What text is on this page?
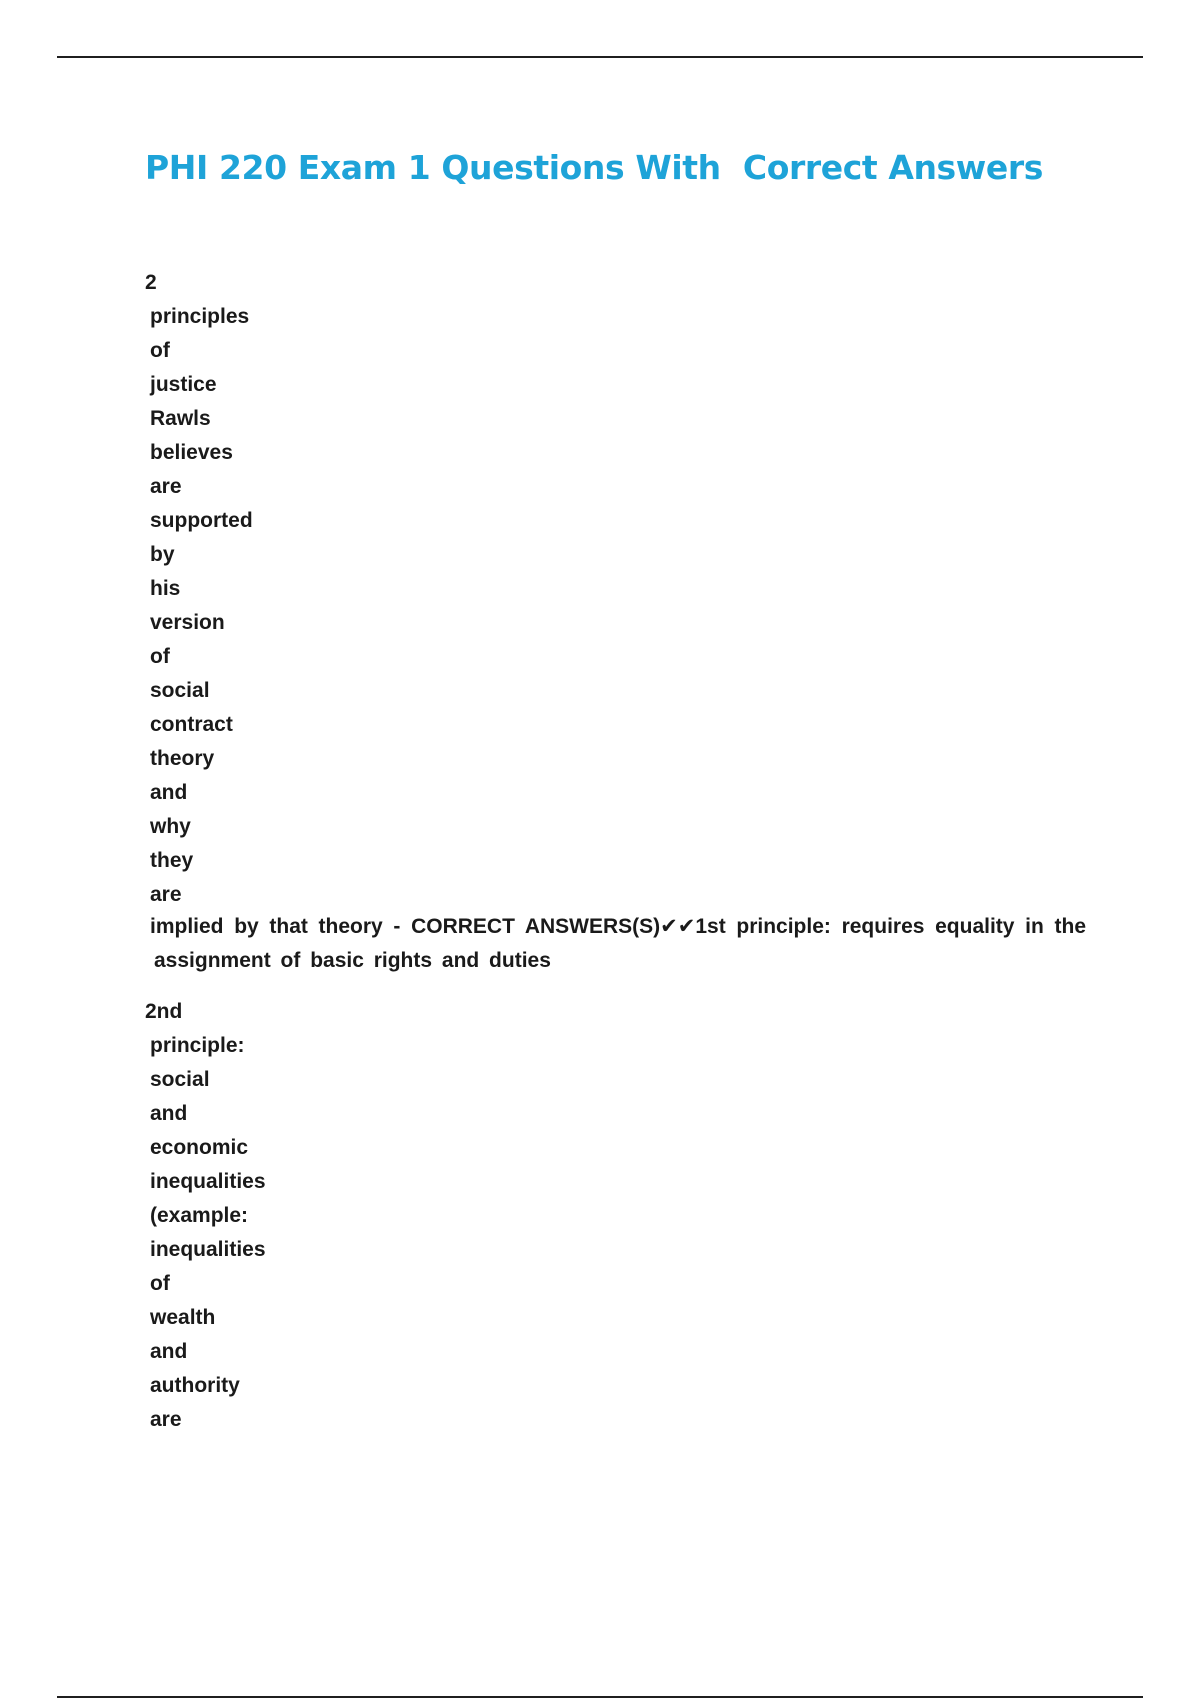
PHI 220 Exam 1 Questions With  Correct Answers
2
principles
of
justice
Rawls
believes
are
supported
by
his
version
of
social
contract
theory
and
why
they
are
implied by that theory - CORRECT ANSWERS(S)✔✔1st principle: requires equality in the
assignment of basic rights and duties
2nd
principle:
social
and
economic
inequalities
(example:
inequalities
of
wealth
and
authority
are
